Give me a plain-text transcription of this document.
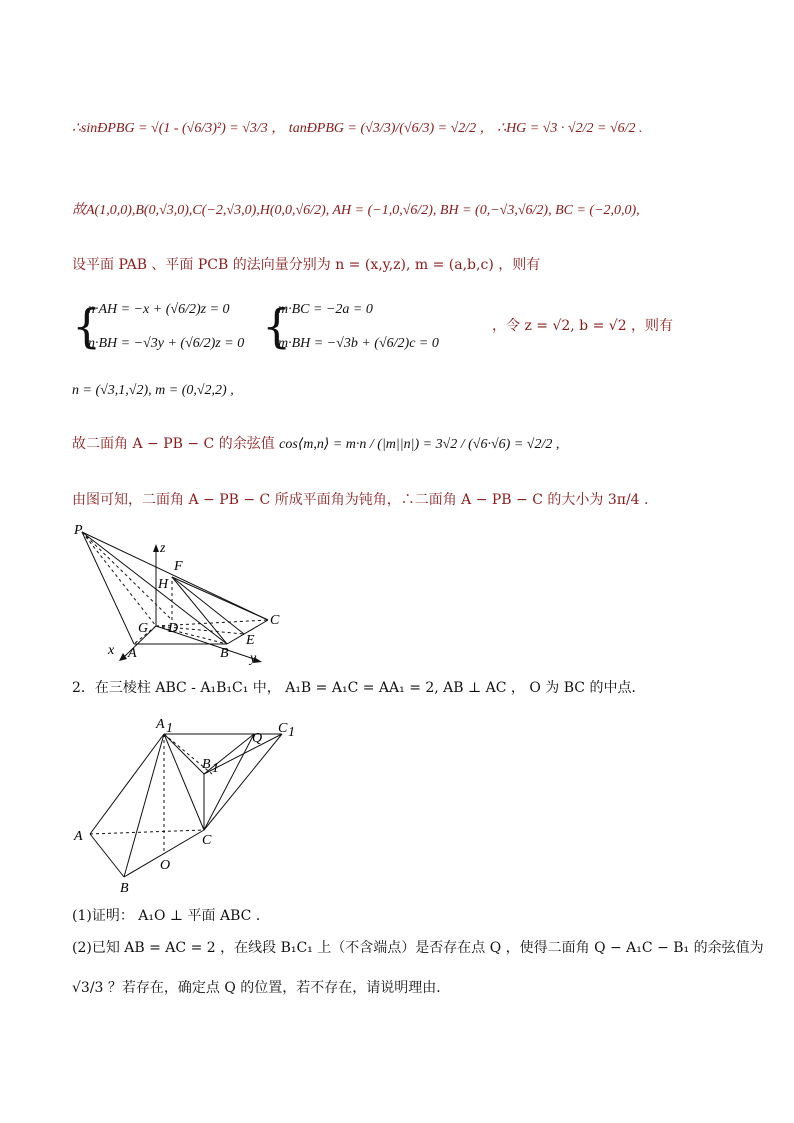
∴sinÐPBG = √(1 - (√6/3)²) = √3/3 ， tanÐPBG = (√3/3)/(√6/3) = √2/2 ， ∴HG = √3 · √2/2 = √6/2 .
故A(1,0,0),B(0,√3,0),C(−2,√3,0),H(0,0,√6/2), AH = (−1,0,√6/2), BH = (0,−√3,√6/2), BC = (−2,0,0),
设平面 PAB 、平面 PCB 的法向量分别为 n = (x,y,z), m = (a,b,c) ，则有
{
n·AH = −x + (√6/2)z = 0
n·BH = −√3y + (√6/2)z = 0 {
m·BC = −2a = 0
m·BH = −√3b + (√6/2)c = 0
，令 z = √2, b = √2 ，则有
n = (√3,1,√2), m = (0,√2,2) ,
故二面角 A − PB − C 的余弦值 cos⟨m,n⟩ = m·n / (|m||n|) = 3√2 / (√6·√6) = √2/2 ,
由图可知，二面角 A − PB − C 所成平面角为钝角，∴二面角 A − PB − C 的大小为 3π/4 .
P
z
F
H
C
G D
E
x A	B y
2．在三棱柱 ABC - A₁B₁C₁ 中， A₁B = A₁C = AA₁ = 2, AB ⊥ AC ， O 为 BC 的中点．
A 1	C 1
Q
B 1
A	C
O
B
(1)证明： A₁O ⊥ 平面 ABC ．
(2)已知 AB = AC = 2 ，在线段 B₁C₁ 上（不含端点）是否存在点 Q ，使得二面角 Q − A₁C − B₁ 的余弦值为
√3/3 ？若存在，确定点 Q 的位置，若不存在，请说明理由．
